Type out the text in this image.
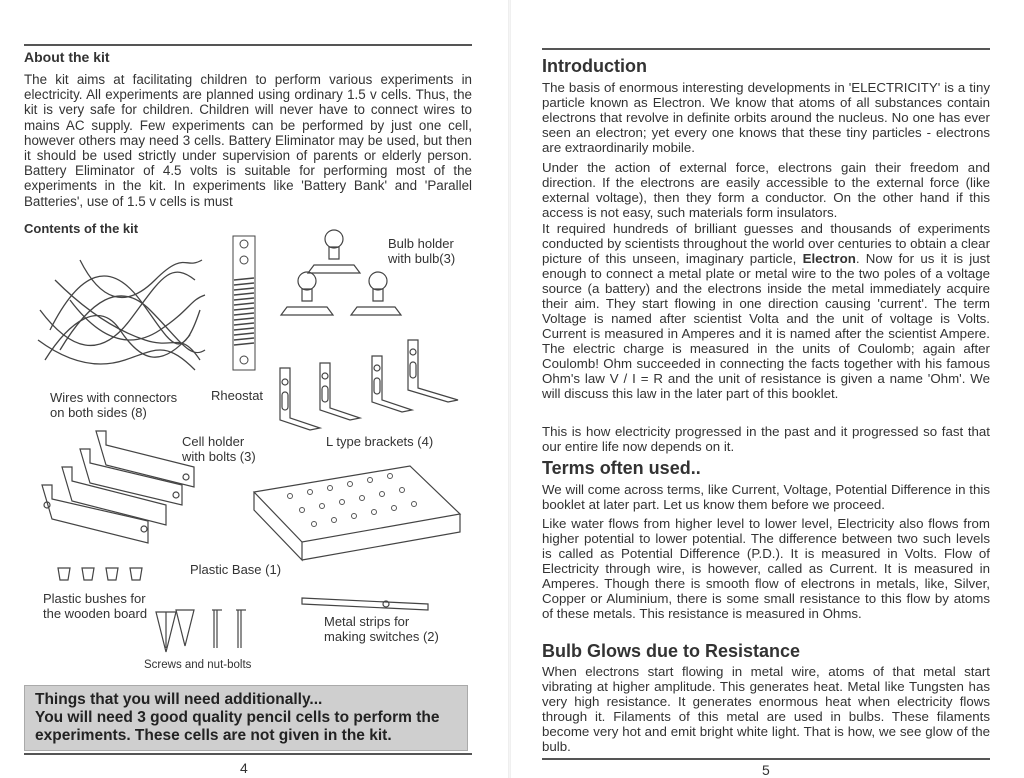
About the kit

The kit aims at facilitating children to perform various experiments in electricity. All experiments are planned using ordinary 1.5 v cells. Thus, the kit is very safe for children. Children will never have to connect wires to mains AC supply. Few experiments can be performed by just one cell, however others may need 3 cells. Battery Eliminator may be used, but then it should be used strictly under supervision of parents or elderly person. Battery Eliminator of 4.5 volts is suitable for performing most of the experiments in the kit. In experiments like 'Battery Bank' and 'Parallel Batteries', use of 1.5 v cells is must

Contents of the kit
Wires with connectors
on both sides (8)
Rheostat
Bulb holder
with bulb(3)
L type brackets (4)
Cell holder
with bolts (3)
Plastic Base (1)
Plastic bushes for
the wooden board
Screws and nut-bolts
Metal strips for
making switches (2)
Things that you will need additionally...
You will need 3 good quality pencil cells to perform the experiments. These cells are not given in the kit.
4
Introduction

The basis of enormous interesting developments in 'ELECTRICITY' is a tiny particle known as Electron. We know that atoms of all substances contain electrons that revolve in definite orbits around the nucleus. No one has ever seen an electron; yet every one knows that these tiny particles - electrons are extraordinarily mobile.

Under the action of external force, electrons gain their freedom and direction. If the electrons are easily accessible to the external force (like external voltage), then they form a conductor. On the other hand if this access is not easy, such materials form insulators.

It required hundreds of brilliant guesses and thousands of experiments conducted by scientists throughout the world over centuries to obtain a clear picture of this unseen, imaginary particle, Electron. Now for us it is just enough to connect a metal plate or metal wire to the two poles of a voltage source (a battery) and the electrons inside the metal immediately acquire their aim. They start flowing in one direction causing 'current'. The term Voltage is named after scientist Volta and the unit of voltage is Volts. Current is measured in Amperes and it is named after the scientist Ampere. The electric charge is measured in the units of Coulomb; again after Coulomb! Ohm succeeded in connecting the facts together with his famous Ohm's law V / I = R and the unit of resistance is given a name 'Ohm'. We will discuss this law in the later part of this booklet.

This is how electricity progressed in the past and it progressed so fast that our entire life now depends on it.

Terms often used..

We will come across terms, like Current, Voltage, Potential Difference in this booklet at later part. Let us know them before we proceed.

Like water flows from higher level to lower level, Electricity also flows from higher potential to lower potential. The difference between two such levels is called as Potential Difference (P.D.). It is measured in Volts. Flow of Electricity through wire, is however, called as Current. It is measured in Amperes. Though there is smooth flow of electrons in metals, like, Silver, Copper or Aluminium, there is some small resistance to this flow by atoms of these metals. This resistance is measured in Ohms.

Bulb Glows due to Resistance

When electrons start flowing in metal wire, atoms of that metal start vibrating at higher amplitude. This generates heat. Metal like Tungsten has very high resistance. It generates enormous heat when electricity flows through it. Filaments of this metal are used in bulbs. These filaments become very hot and emit bright white light. That is how, we see glow of the bulb.

5
